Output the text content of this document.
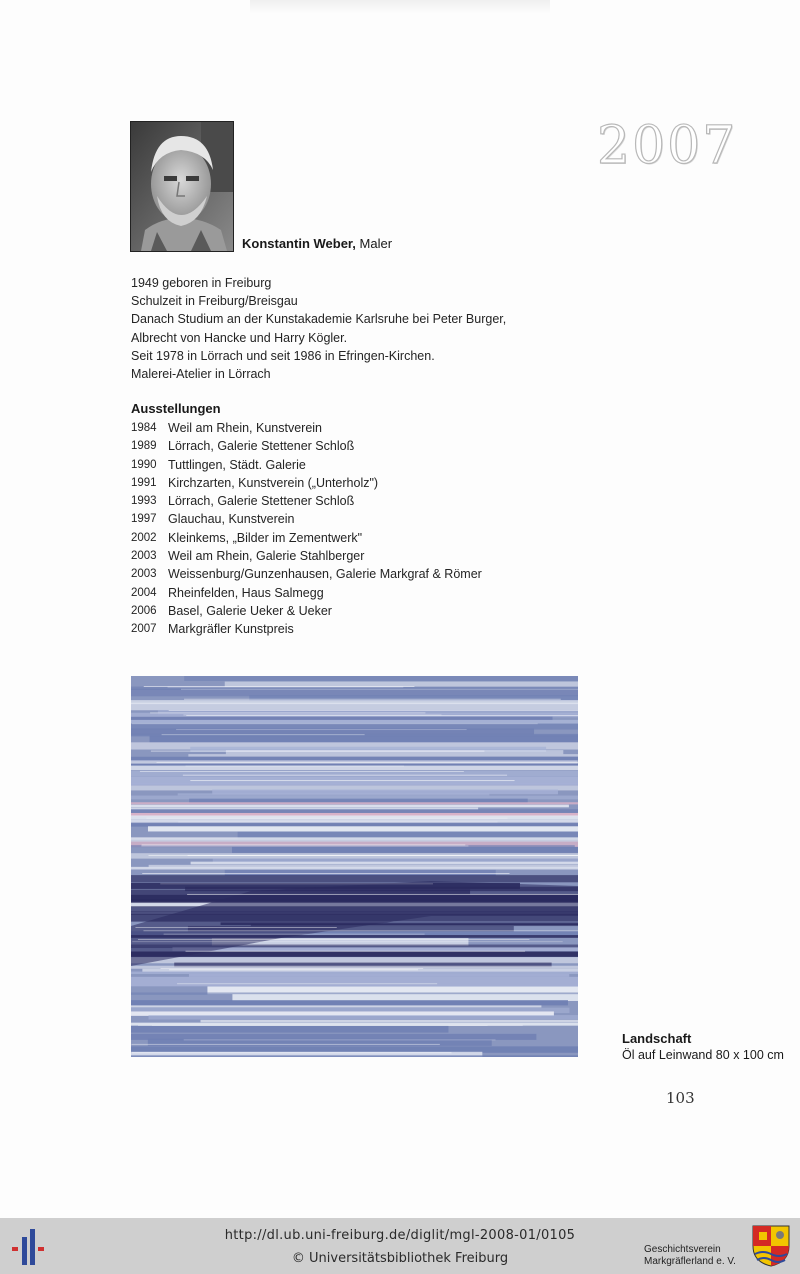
2007
Konstantin Weber, Maler
1949 geboren in Freiburg
Schulzeit in Freiburg/Breisgau
Danach Studium an der Kunstakademie Karlsruhe bei Peter Burger,
Albrecht von Hancke und Harry Kögler.
Seit 1978 in Lörrach und seit 1986 in Efringen-Kirchen.
Malerei-Atelier in Lörrach
Ausstellungen
1984 Weil am Rhein, Kunstverein
1989 Lörrach, Galerie Stettener Schloß
1990 Tuttlingen, Städt. Galerie
1991 Kirchzarten, Kunstverein („Unterholz")
1993 Lörrach, Galerie Stettener Schloß
1997 Glauchau, Kunstverein
2002 Kleinkems, „Bilder im Zementwerk"
2003 Weil am Rhein, Galerie Stahlberger
2003 Weissenburg/Gunzenhausen, Galerie Markgraf & Römer
2004 Rheinfelden, Haus Salmegg
2006 Basel, Galerie Ueker & Ueker
2007 Markgräfler Kunstpreis
Landschaft
Öl auf Leinwand 80 x 100 cm
103
http://dl.ub.uni-freiburg.de/diglit/mgl-2008-01/0105
© Universitätsbibliothek Freiburg
Geschichtsverein
Markgräflerland e. V.
